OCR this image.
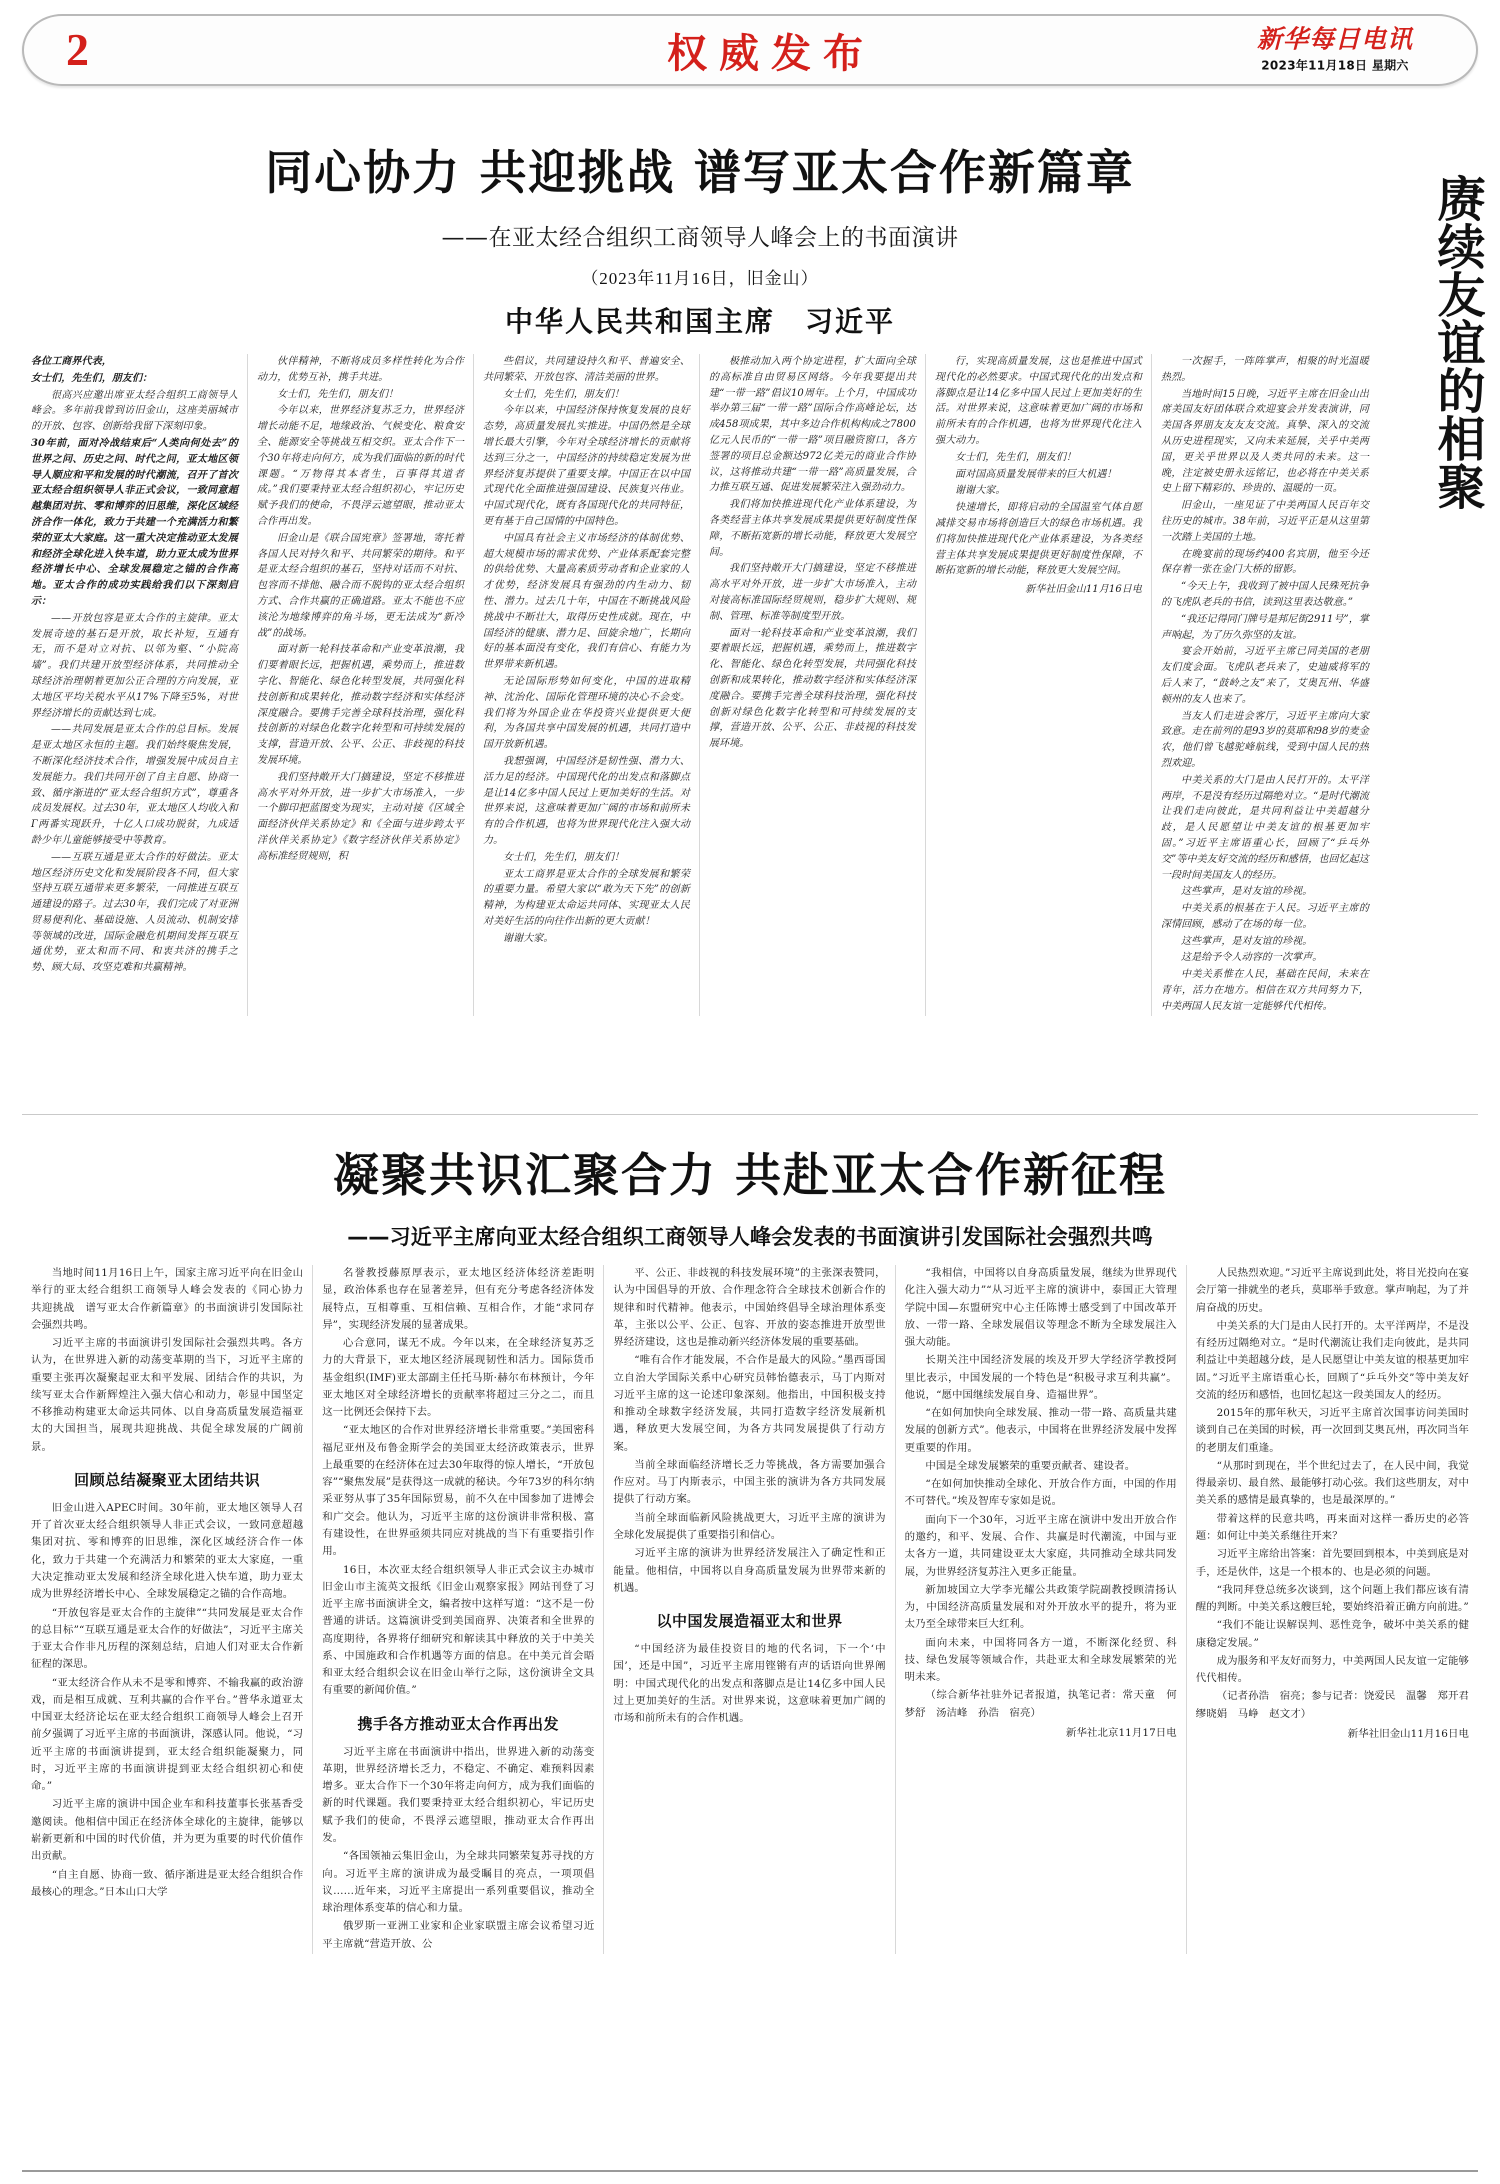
2	权威发布	新华每日电讯
2023年11月18日 星期六
赓续友谊的相聚
同心协力 共迎挑战 谱写亚太合作新篇章
——在亚太经合组织工商领导人峰会上的书面演讲
（2023年11月16日，旧金山）
中华人民共和国主席　习近平

各位工商界代表，

女士们，先生们，朋友们：

很高兴应邀出席亚太经合组织工商领导人峰会。多年前我曾到访旧金山，这座美丽城市的开放、包容、创新给我留下深刻印象。

30年前，面对冷战结束后“人类向何处去”的世界之问、历史之问、时代之问，亚太地区领导人顺应和平和发展的时代潮流，召开了首次亚太经合组织领导人非正式会议，一致同意超越集团对抗、零和博弈的旧思维，深化区域经济合作一体化，致力于共建一个充满活力和繁荣的亚太大家庭。这一重大决定推动亚太发展和经济全球化进入快车道，助力亚太成为世界经济增长中心、全球发展稳定之锚的合作高地。亚太合作的成功实践给我们以下深刻启示：

——开放包容是亚太合作的主旋律。亚太发展奇迹的基石是开放，取长补短，互通有无，而不是对立对抗、以邻为壑、“小院高墙”。我们共建开放型经济体系，共同推动全球经济治理朝着更加公正合理的方向发展，亚太地区平均关税水平从17%下降至5%，对世界经济增长的贡献达到七成。

——共同发展是亚太合作的总目标。发展是亚太地区永恒的主题。我们始终聚焦发展，不断深化经济技术合作，增强发展中成员自主发展能力。我们共同开创了自主自愿、协商一致、循序渐进的“亚太经合组织方式”，尊重各成员发展权。过去30年，亚太地区人均收入和Г两番实现跃升，十亿人口成功脱贫，九成适龄少年儿童能够接受中等教育。

——互联互通是亚太合作的好做法。亚太地区经济历史文化和发展阶段各不同，但大家坚持互联互通带来更多繁荣，一同推进互联互通建设的路子。过去30年，我们完成了对亚洲贸易便利化、基础设施、人员流动、机制安排等领域的改进，国际金融危机期间发挥互联互通优势，亚太和而不同、和衷共济的携手之势、顾大局、攻坚克难和共赢精神。

伙伴精神，不断将成员多样性转化为合作动力，优势互补，携手共进。

女士们，先生们，朋友们！

今年以来，世界经济复苏乏力，世界经济增长动能不足，地缘政治、气候变化、粮食安全、能源安全等挑战互相交织。亚太合作下一个30年将走向何方，成为我们面临的新的时代课题。“万物得其本者生，百事得其道者成。”我们要秉持亚太经合组织初心，牢记历史赋予我们的使命，不畏浮云遮望眼，推动亚太合作再出发。

旧金山是《联合国宪章》签署地，寄托着各国人民对持久和平、共同繁荣的期待。和平是亚太经合组织的基石，坚持对话而不对抗、包容而不排他、融合而不脱钩的亚太经合组织方式、合作共赢的正确道路。亚太不能也不应该沦为地缘博弈的角斗场，更无法成为“新冷战”的战场。

面对新一轮科技革命和产业变革浪潮，我们要着眼长远，把握机遇，乘势而上，推进数字化、智能化、绿色化转型发展，共同强化科技创新和成果转化，推动数字经济和实体经济深度融合。要携手完善全球科技治理，强化科技创新的对绿色化数字化转型和可持续发展的支撑，营造开放、公平、公正、非歧视的科技发展环境。

我们坚持敞开大门搞建设，坚定不移推进高水平对外开放，进一步扩大市场准入，一步一个脚印把蓝图变为现实，主动对接《区域全面经济伙伴关系协定》和《全面与进步跨太平洋伙伴关系协定》《数字经济伙伴关系协定》高标准经贸规则，积

些倡议，共同建设持久和平、普遍安全、共同繁荣、开放包容、清洁美丽的世界。

女士们，先生们，朋友们！

今年以来，中国经济保持恢复发展的良好态势，高质量发展扎实推进。中国仍然是全球增长最大引擎，今年对全球经济增长的贡献将达到三分之一，中国经济的持续稳定发展为世界经济复苏提供了重要支撑。中国正在以中国式现代化全面推进强国建设、民族复兴伟业。中国式现代化，既有各国现代化的共同特征，更有基于自己国情的中国特色。

中国具有社会主义市场经济的体制优势、超大规模市场的需求优势、产业体系配套完整的供给优势、大量高素质劳动者和企业家的人才优势，经济发展具有强劲的内生动力、韧性、潜力。过去几十年，中国在不断挑战风险挑战中不断壮大，取得历史性成就。现在，中国经济的健康、潜力足、回旋余地广，长期向好的基本面没有变化，我们有信心、有能力为世界带来新机遇。

无论国际形势如何变化，中国的进取精神、沈治化、国际化管理环境的决心不会变。我们将为外国企业在华投资兴业提供更大便利，为各国共享中国发展的机遇，共同打造中国开放新机遇。

我想强调，中国经济是韧性强、潜力大、活力足的经济。中国现代化的出发点和落脚点是让14亿多中国人民过上更加美好的生活。对世界来说，这意味着更加广阔的市场和前所未有的合作机遇，也将为世界现代化注入强大动力。

女士们，先生们，朋友们！

亚太工商界是亚太合作的全球发展和繁荣的重要力量。希望大家以“敢为天下先”的创新精神，为构建亚太命运共同体、实现亚太人民对美好生活的向往作出新的更大贡献！

谢谢大家。

极推动加入两个协定进程，扩大面向全球的高标准自由贸易区网络。今年我要提出共建“一带一路”倡议10周年。上个月，中国成功举办第三届“一带一路”国际合作高峰论坛，达成458项成果，其中多边合作机构构成之7800亿元人民币的“一带一路”项目融资窗口，各方签署的项目总金额达972亿美元的商业合作协议，这将推动共建“一带一路”高质量发展，合力推互联互通、促进发展繁荣注入强劲动力。

我们将加快推进现代化产业体系建设，为各类经营主体共享发展成果提供更好制度性保障，不断拓宽新的增长动能，释放更大发展空间。

我们坚持敞开大门搞建设，坚定不移推进高水平对外开放，进一步扩大市场准入，主动对接高标准国际经贸规则，稳步扩大规则、规制、管理、标准等制度型开放。

面对一轮科技革命和产业变革浪潮，我们要着眼长远，把握机遇，乘势而上，推进数字化、智能化、绿色化转型发展，共同强化科技创新和成果转化，推动数字经济和实体经济深度融合。要携手完善全球科技治理，强化科技创新对绿色化数字化转型和可持续发展的支撑，营造开放、公平、公正、非歧视的科技发展环境。

行，实现高质量发展，这也是推进中国式现代化的必然要求。中国式现代化的出发点和落脚点是让14亿多中国人民过上更加美好的生活。对世界来说，这意味着更加广阔的市场和前所未有的合作机遇，也将为世界现代化注入强大动力。

女士们，先生们，朋友们！

面对国高质量发展带来的巨大机遇！

谢谢大家。

快速增长，即将启动的全国温室气体自愿减排交易市场将创造巨大的绿色市场机遇。我们将加快推进现代化产业体系建设，为各类经营主体共享发展成果提供更好制度性保障，不断拓宽新的增长动能，释放更大发展空间。

新华社旧金山11月16日电

一次握手，一阵阵掌声，相聚的时光温暖热烈。

当地时间15日晚，习近平主席在旧金山出席美国友好团体联合欢迎宴会并发表演讲，同美国各界朋友友友友交流。真挚、深入的交流从历史进程现实，又向未来延展，关乎中美两国，更关乎世界以及人类共同的未来。这一晚，注定被史册永远铭记，也必将在中美关系史上留下精彩的、珍贵的、温暖的一页。

旧金山，一座见证了中美两国人民百年交往历史的城市。38年前，习近平正是从这里第一次踏上美国的土地。

在晚宴前的现场约400名宾朋，他至今还保存着一张在金门大桥的留影。

“今天上午，我收到了被中国人民殊死抗争的飞虎队老兵的书信，读到这里表达敬意。”

“我还记得同门牌号是邦尼街2911号”，掌声响起，为了历久弥坚的友谊。

宴会开始前，习近平主席已同美国的老朋友们度会面。飞虎队老兵来了，史迪威将军的后人来了，“鼓岭之友”来了，艾奥瓦州、华盛顿州的友人也来了。

当友人们走进会客厅，习近平主席向大家致意。走在前列的是93岁的莫耶和98岁的麦金农，他们曾飞越驼峰航线，受到中国人民的热烈欢迎。

中美关系的大门是由人民打开的。太平洋两岸，不是没有经历过隔绝对立。“是时代潮流让我们走向彼此，是共同利益让中美超越分歧，是人民愿望让中美友谊的根基更加牢固。”习近平主席语重心长，回顾了“乒乓外交”等中美友好交流的经历和感悟，也回忆起这一段时间美国友人的经历。

这些掌声，是对友谊的珍视。

中美关系的根基在于人民。习近平主席的深情回顾，感动了在场的每一位。

这些掌声，是对友谊的珍视。

这是给予令人动容的一次掌声。

中美关系惟在人民，基础在民间，未来在青年，活力在地方。相信在双方共同努力下，中美两国人民友谊一定能够代代相传。

凝聚共识汇聚合力 共赴亚太合作新征程
——习近平主席向亚太经合组织工商领导人峰会发表的书面演讲引发国际社会强烈共鸣

当地时间11月16日上午，国家主席习近平向在旧金山举行的亚太经合组织工商领导人峰会发表的《同心协力　共迎挑战　谱写亚太合作新篇章》的书面演讲引发国际社会强烈共鸣。

习近平主席的书面演讲引发国际社会强烈共鸣。各方认为，在世界进入新的动荡变革期的当下，习近平主席的重要主张再次凝聚起亚太和平发展、团结合作的共识，为续写亚太合作新辉煌注入强大信心和动力，彰显中国坚定不移推动构建亚太命运共同体、以自身高质量发展造福亚太的大国担当，展现共迎挑战、共促全球发展的广阔前景。

回顾总结凝聚亚太团结共识

旧金山进入APEC时间。30年前，亚太地区领导人召开了首次亚太经合组织领导人非正式会议，一致同意超越集团对抗、零和博弈的旧思维，深化区域经济合作一体化，致力于共建一个充满活力和繁荣的亚太大家庭，一重大决定推动亚太发展和经济全球化进入快车道，助力亚太成为世界经济增长中心、全球发展稳定之锚的合作高地。

“开放包容是亚太合作的主旋律”“共同发展是亚太合作的总目标”“互联互通是亚太合作的好做法”，习近平主席关于亚太合作非凡历程的深刻总结，启迪人们对亚太合作新征程的深思。

“亚太经济合作从未不是零和博弈、不输我赢的政治游戏，而是相互成就、互利共赢的合作平台。”普华永道亚太中国亚太经济论坛在亚太经合组织工商领导人峰会上召开前夕强调了习近平主席的书面演讲，深感认同。他说，“习近平主席的书面演讲提到，亚太经合组织能凝聚力，同时，习近平主席的书面演讲提到亚太经合组织初心和使命。”

习近平主席的演讲中国企业车和科技董事长张基香受邀阅读。他相信中国正在经济体全球化的主旋律，能够以崭新更新和中国的时代价值，并为更为重要的时代价值作出贡献。

“自主自愿、协商一致、循序渐进是亚太经合组织合作最核心的理念。”日本山口大学

名誉教授藤原厚表示，亚太地区经济体经济差距明显，政治体系也存在显著差异，但有充分考虑各经济体发展特点，互相尊重、互相信赖、互相合作，才能“求同存异”，实现经济发展的显著成果。

心合意同，谋无不成。今年以来，在全球经济复苏乏力的大背景下，亚太地区经济展现韧性和活力。国际货币基金组织(IMF)亚太部副主任托马斯·赫尔布林预计，今年亚太地区对全球经济增长的贡献率将超过三分之二，而且这一比例还会保持下去。

“亚太地区的合作对世界经济增长非常重要。”美国密科福尼亚州及布鲁金斯学会的美国亚太经济政策表示，世界上最重要的在经济体在过去30年取得的惊人增长，“开放包容”“聚焦发展”是获得这一成就的秘诀。今年73岁的科尔纳采亚努从事了35年国际贸易，前不久在中国参加了进博会和广交会。他认为，习近平主席的这份演讲非常积极、富有建设性，在世界亟须共同应对挑战的当下有重要指引作用。

16日，本次亚太经合组织领导人非正式会议主办城市旧金山市主流英文报纸《旧金山观察家报》网站刊登了习近平主席书面演讲全文，编者按中这样写道：“这不是一份普通的讲话。这篇演讲受到美国商界、决策者和全世界的高度期待，各界将仔细研究和解读其中释放的关于中美关系、中国施政和合作机遇等方面的信息。在中美元首会晤和亚太经合组织会议在旧金山举行之际，这份演讲全文具有重要的新闻价值。”

携手各方推动亚太合作再出发

习近平主席在书面演讲中指出，世界进入新的动荡变革期，世界经济增长乏力，不稳定、不确定、难预料因素增多。亚太合作下一个30年将走向何方，成为我们面临的新的时代课题。我们要秉持亚太经合组织初心，牢记历史赋予我们的使命，不畏浮云遮望眼，推动亚太合作再出发。

“各国领袖云集旧金山，为全球共同繁荣复苏寻找的方向。习近平主席的演讲成为最受瞩目的亮点，一项项倡议……近年来，习近平主席提出一系列重要倡议，推动全球治理体系变革的信心和力量。

俄罗斯一亚洲工业家和企业家联盟主席会议希望习近平主席就“营造开放、公

平、公正、非歧视的科技发展环境”的主张深表赞同，认为中国倡导的开放、合作理念符合全球技术创新合作的规律和时代精神。他表示，中国始终倡导全球治理体系变革，主张以公平、公正、包容、开放的姿态推进开放型世界经济建设，这也是推动新兴经济体发展的重要基础。

“唯有合作才能发展，不合作是最大的风险。”墨西哥国立自治大学国际关系中心研究员韩怡德表示，马丁内斯对习近平主席的这一论述印象深刻。他指出，中国积极支持和推动全球数字经济发展，共同打造数字经济发展新机遇，释放更大发展空间，为各方共同发展提供了行动方案。

当前全球面临经济增长乏力等挑战，各方需要加强合作应对。马丁内斯表示，中国主张的演讲为各方共同发展提供了行动方案。

当前全球面临新风险挑战更大，习近平主席的演讲为全球化发展提供了重要指引和信心。

习近平主席的演讲为世界经济发展注入了确定性和正能量。他相信，中国将以自身高质量发展为世界带来新的机遇。

以中国发展造福亚太和世界

“中国经济为最佳投资目的地的代名词，下一个‘中国’，还是中国”，习近平主席用铿锵有声的话语向世界阐明：中国式现代化的出发点和落脚点是让14亿多中国人民过上更加美好的生活。对世界来说，这意味着更加广阔的市场和前所未有的合作机遇。

“我相信，中国将以自身高质量发展，继续为世界现代化注入强大动力”“从习近平主席的演讲中，泰国正大管理学院中国—东盟研究中心主任陈博士感受到了中国改革开放、一带一路、全球发展倡议等理念不断为全球发展注入强大动能。

长期关注中国经济发展的埃及开罗大学经济学教授阿里比表示，中国发展的一个特色是“积极寻求互利共赢”。他说，“愿中国继续发展自身、造福世界”。

“在如何加快向全球发展、推动一带一路、高质量共建发展的创新方式”。他表示，中国将在世界经济发展中发挥更重要的作用。

中国是全球发展繁荣的重要贡献者、建设者。

“在如何加快推动全球化、开放合作方面，中国的作用不可替代。”埃及智库专家如是说。

面向下一个30年，习近平主席在演讲中发出开放合作的邀约，和平、发展、合作、共赢是时代潮流，中国与亚太各方一道，共同建设亚太大家庭，共同推动全球共同发展，为世界经济复苏注入更多正能量。

新加坡国立大学李光耀公共政策学院副教授顾清扬认为，中国经济高质量发展和对外开放水平的提升，将为亚太乃至全球带来巨大红利。

面向未来，中国将同各方一道，不断深化经贸、科技、绿色发展等领域合作，共赴亚太和全球发展繁荣的光明未来。

（综合新华社驻外记者报道，执笔记者：常天童　何梦舒　汤洁峰　孙浩　宿亮）

新华社北京11月17日电

人民热烈欢迎。”习近平主席说到此处，将目光投向在宴会厅第一排就坐的老兵，莫耶举手致意。掌声响起，为了并肩奋战的历史。

中美关系的大门是由人民打开的。太平洋两岸，不是没有经历过隔绝对立。“是时代潮流让我们走向彼此，是共同利益让中美超越分歧，是人民愿望让中美友谊的根基更加牢固。”习近平主席语重心长，回顾了“乒乓外交”等中美友好交流的经历和感悟，也回忆起这一段美国友人的经历。

2015年的那年秋天，习近平主席首次国事访问美国时谈到自己在美国的时候，再一次回到艾奥瓦州，再次同当年的老朋友们重逢。

“从那时到现在，半个世纪过去了，在人民中间，我觉得最亲切、最自然、最能够打动心弦。我们这些朋友，对中美关系的感情是最真挚的，也是最深厚的。”

带着这样的民意共鸣，再来面对这样一番历史的必答题：如何让中美关系继往开来？

习近平主席给出答案：首先要回到根本，中美到底是对手，还是伙伴，这是一个根本的、也是必须的问题。

“我同拜登总统多次谈到，这个问题上我们都应该有清醒的判断。中美关系这艘巨轮，要始终沿着正确方向前进。”

“我们不能让误解误判、恶性竞争，破坏中美关系的健康稳定发展。”

成为服务和平友好而努力，中美两国人民友谊一定能够代代相传。

（记者孙浩　宿亮；参与记者：饶爱民　温馨　郑开君　缪晓娟　马峥　赵文才）

新华社旧金山11月16日电
